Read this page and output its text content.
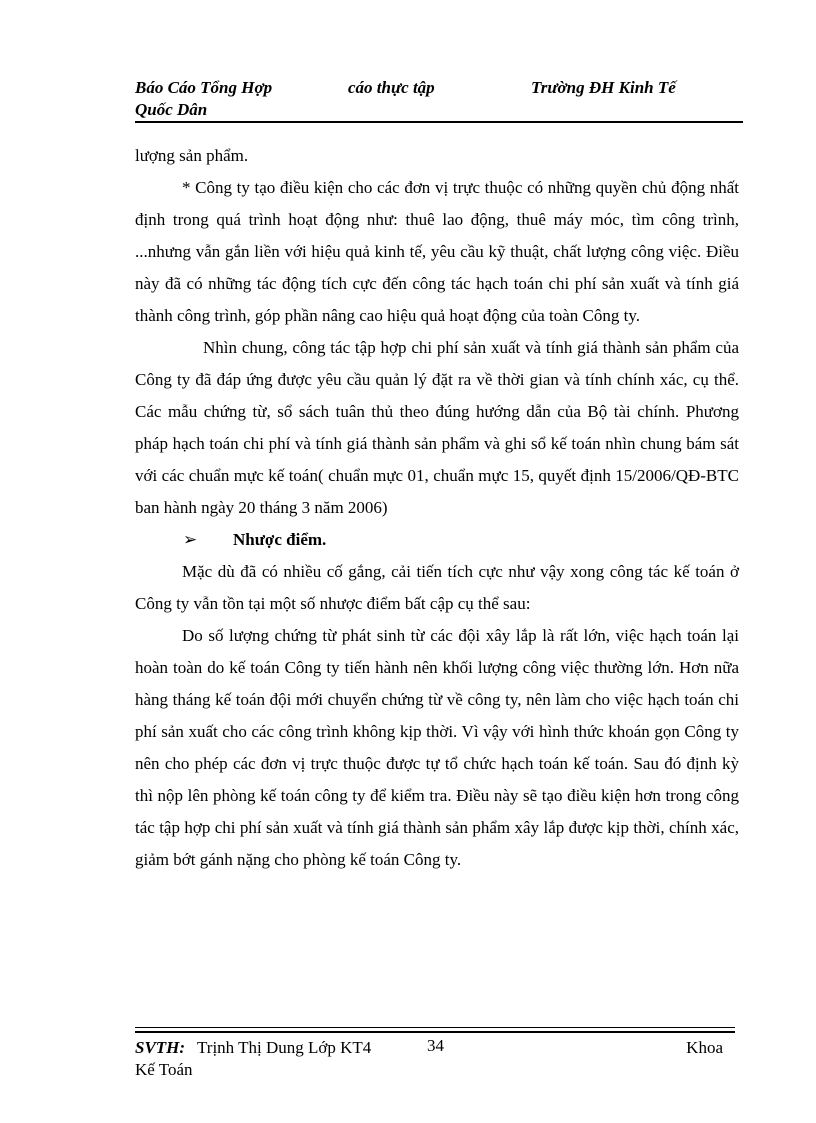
Báo Cáo Tổng Hợp	cáo thực tập	Trường ĐH Kinh Tế
Quốc Dân

lượng sản phẩm.

* Công ty tạo điều kiện cho các đơn vị trực thuộc có những quyền chủ động nhất định trong quá trình hoạt động như: thuê lao động, thuê máy móc, tìm công trình, ...nhưng vẫn gắn liền với hiệu quả kinh tế, yêu cầu kỹ thuật, chất lượng công việc. Điều này đã có những tác động tích cực đến công tác hạch toán chi phí sản xuất và tính giá thành công trình, góp phần nâng cao hiệu quả hoạt động của toàn Công ty.

Nhìn chung, công tác tập hợp chi phí sản xuất và tính giá thành sản phẩm của Công ty đã đáp ứng được yêu cầu quản lý đặt ra về thời gian và tính chính xác, cụ thể. Các mẫu chứng từ, sổ sách tuân thủ theo đúng hướng dẫn của Bộ tài chính. Phương pháp hạch toán chi phí và tính giá thành sản phẩm và ghi sổ kế toán nhìn chung bám sát với các chuẩn mực kế toán( chuẩn mực 01, chuẩn mực 15, quyết định 15/2006/QĐ-BTC ban hành ngày 20 tháng 3 năm 2006)

➢ Nhược điểm.

Mặc dù đã có nhiều cố gắng, cải tiến tích cực như vậy xong công tác kế toán ở Công ty vẫn tồn tại một số nhược điểm bất cập cụ thể sau:

Do số lượng chứng từ phát sinh từ các đội xây lắp là rất lớn, việc hạch toán lại hoàn toàn do kế toán Công ty tiến hành nên khối lượng công việc thường lớn. Hơn nữa hàng tháng kế toán đội mới chuyển chứng từ về công ty, nên làm cho việc hạch toán chi phí sản xuất cho các công trình không kịp thời. Vì vậy với hình thức khoán gọn Công ty nên cho phép các đơn vị trực thuộc được tự tổ chức hạch toán kế toán. Sau đó định kỳ thì nộp lên phòng kế toán công ty để kiểm tra. Điều này sẽ tạo điều kiện hơn trong công tác tập hợp chi phí sản xuất và tính giá thành sản phẩm xây lắp được kịp thời, chính xác, giảm bớt gánh nặng cho phòng kế toán Công ty.

SVTH: Trịnh Thị Dung Lớp KT4	34	Khoa
Kế Toán
